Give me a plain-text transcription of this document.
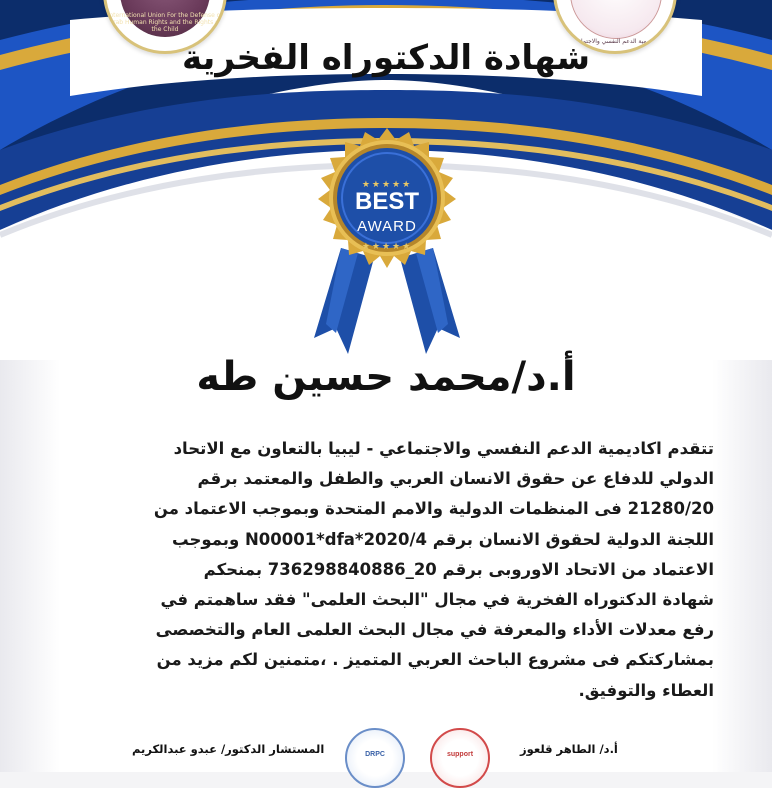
International Union For the Defense of Arab Human Rights and the Rights of the Child
أكاديمية الدعم النفسي والاجتماعي
شهادة الدكتوراه الفخرية
★★★★★
BEST
AWARD
★★★★★
أ.د/محمد حسين طه
تتقدم اكاديمية الدعم النفسي والاجتماعي - ليبيا بالتعاون مع الاتحاد
الدولي للدفاع عن حقوق الانسان العربي والطفل والمعتمد برقم
21280/20 فى المنظمات الدولية والامم المتحدة وبموجب الاعتماد من
اللجنة الدولية لحقوق الانسان برقم N00001*dfa*2020/4 وبموجب
الاعتماد من الاتحاد الاوروبى برقم 20_736298840886 بمنحكم
شهادة الدكتوراه الفخرية في مجال "البحث العلمى" فقد ساهمتم في
رفع معدلات الأداء والمعرفة في مجال البحث العلمى العام والتخصصى
بمشاركتكم فى مشروع الباحث العربي المتميز . ،متمنين لكم مزيد من
العطاء والتوفيق.
المستشار الدكتور/ عبدو عبدالكريم	DRPC	support	أ.د/ الطاهر قلعوز
